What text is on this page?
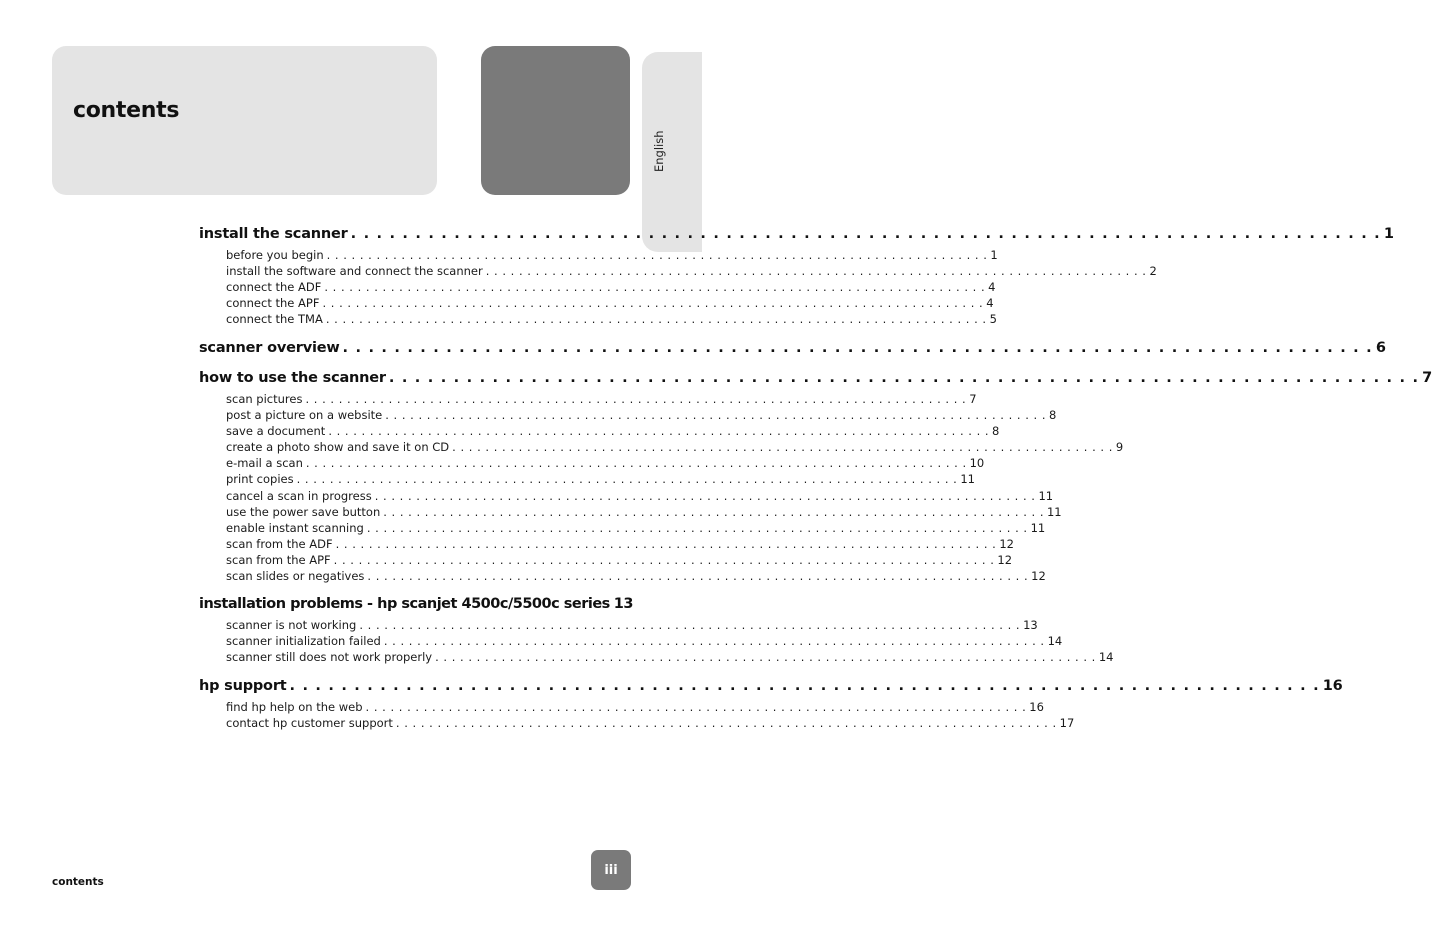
contents
English
install the scanner . . .	1
before you begin . . .	1
install the software and connect the scanner . . .	2
connect the ADF . . .	4
connect the APF . . .	4
connect the TMA . . .	5
scanner overview . . .	6
how to use the scanner . . .	7
scan pictures . . .	7
post a picture on a website . . .	8
save a document . . .	8
create a photo show and save it on CD . . .	9
e-mail a scan . . .	10
print copies . . .	11
cancel a scan in progress . . .	11
use the power save button . . .	11
enable instant scanning . . .	11
scan from the ADF . . .	12
scan from the APF . . .	12
scan slides or negatives . . .	12
installation problems - hp scanjet 4500c/5500c series 13
scanner is not working . . .	13
scanner initialization failed . . .	14
scanner still does not work properly . . .	14
hp support . . .	16
find hp help on the web . . .	16
contact hp customer support . . .	17
contents
iii
